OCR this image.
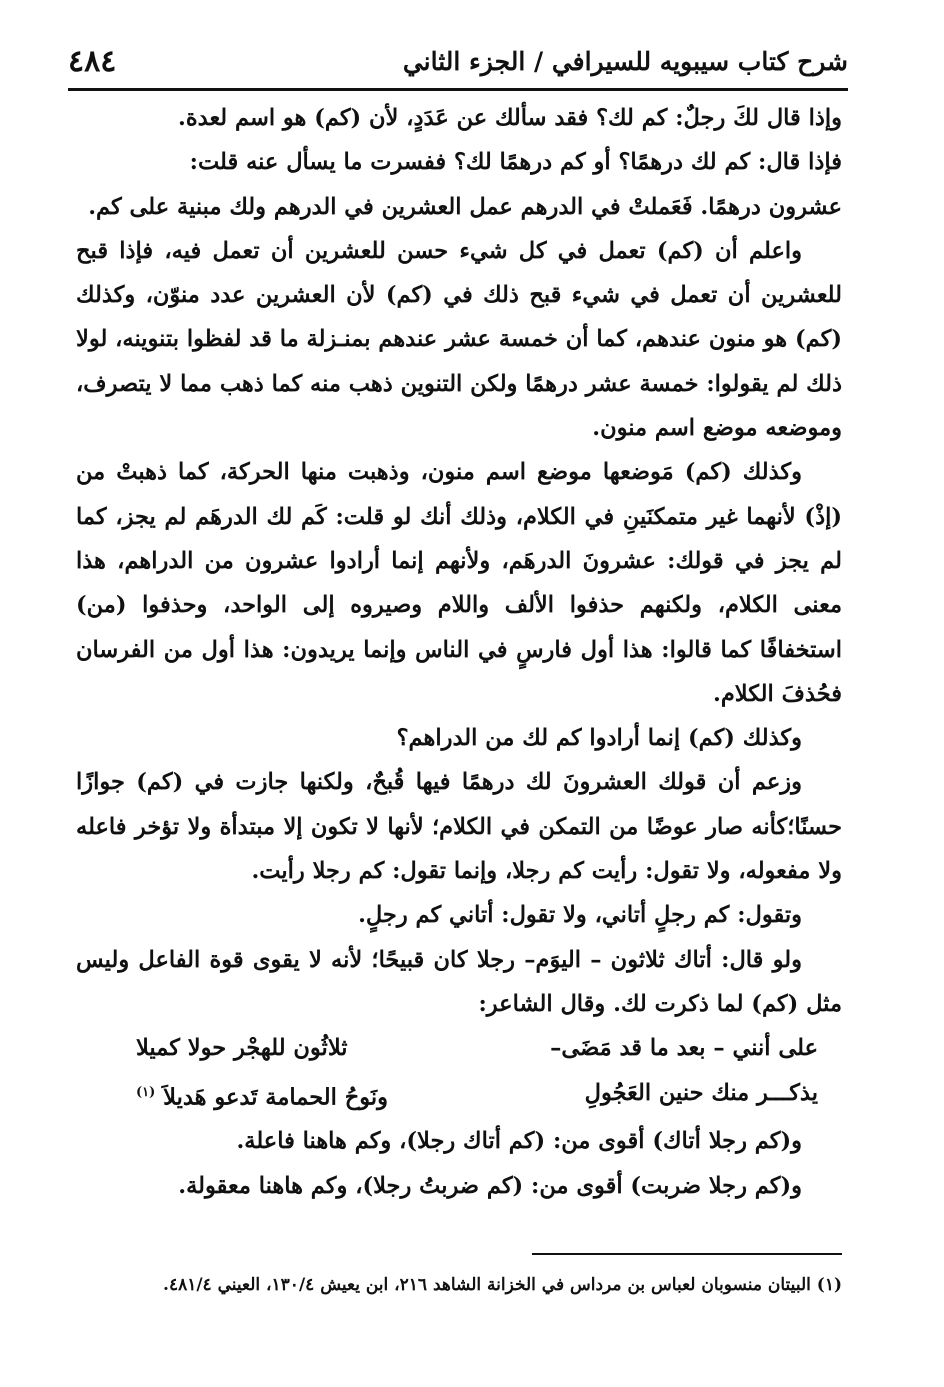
شرح كتاب سيبويه للسيرافي / الجزء الثاني
٤٨٤

وإذا قال لكَ رجلٌ: كم لك؟ فقد سألك عن عَدَدٍ، لأن (كم) هو اسم لعدة.

فإذا قال: كم لك درهمًا؟ أو كم درهمًا لك؟ ففسرت ما يسأل عنه قلت:

عشرون درهمًا. فَعَملتْ في الدرهم عمل العشرين في الدرهم ولك مبنية على كم.

واعلم أن (كم) تعمل في كل شيء حسن للعشرين أن تعمل فيه، فإذا قبح للعشرين أن تعمل في شيء قبح ذلك في (كم) لأن العشرين عدد منوّن، وكذلك (كم) هو منون عندهم، كما أن خمسة عشر عندهم بمنـزلة ما قد لفظوا بتنوينه، لولا ذلك لم يقولوا: خمسة عشر درهمًا ولكن التنوين ذهب منه كما ذهب مما لا يتصرف، وموضعه موضع اسم منون.

وكذلك (كم) مَوضعها موضع اسم منون، وذهبت منها الحركة، كما ذهبتْ من (إذْ) لأنهما غير متمكنَينِ في الكلام، وذلك أنك لو قلت: كَم لك الدرهَم لم يجز، كما لم يجز في قولك: عشرونَ الدرهَم، ولأنهم إنما أرادوا عشرون من الدراهم، هذا معنى الكلام، ولكنهم حذفوا الألف واللام وصيروه إلى الواحد، وحذفوا (من) استخفافًا كما قالوا: هذا أول فارسٍ في الناس وإنما يريدون: هذا أول من الفرسان فحُذفَ الكلام.

وكذلك (كم) إنما أرادوا كم لك من الدراهم؟

وزعم أن قولك العشرونَ لك درهمًا فيها قُبحٌ، ولكنها جازت في (كم) جوازًا حسنًا؛كأنه صار عوضًا من التمكن في الكلام؛ لأنها لا تكون إلا مبتدأة ولا تؤخر فاعله ولا مفعوله، ولا تقول: رأيت كم رجلا، وإنما تقول: كم رجلا رأيت.

وتقول: كم رجلٍ أتاني، ولا تقول: أتاني كم رجلٍ.

ولو قال: أتاك ثلاثون – اليوَم– رجلا كان قبيحًا؛ لأنه لا يقوى قوة الفاعل وليس مثل (كم) لما ذكرت لك. وقال الشاعر:

على أنني – بعد ما قد مَضَى–
ثلاثُون للهجْر حولا كميلا
يذكـــر منك حنين العَجُولِ
ونَوحُ الحمامة تَدعو هَديلاَ $^{(١)}$

و(كم رجلا أتاك) أقوى من: (كم أتاك رجلا)، وكم هاهنا فاعلة.

و(كم رجلا ضربت) أقوى من: (كم ضربتُ رجلا)، وكم هاهنا معقولة.

(١) البيتان منسوبان لعباس بن مرداس في الخزانة الشاهد ٢١٦، ابن يعيش ١٣٠/٤، العيني ٤٨١/٤.
